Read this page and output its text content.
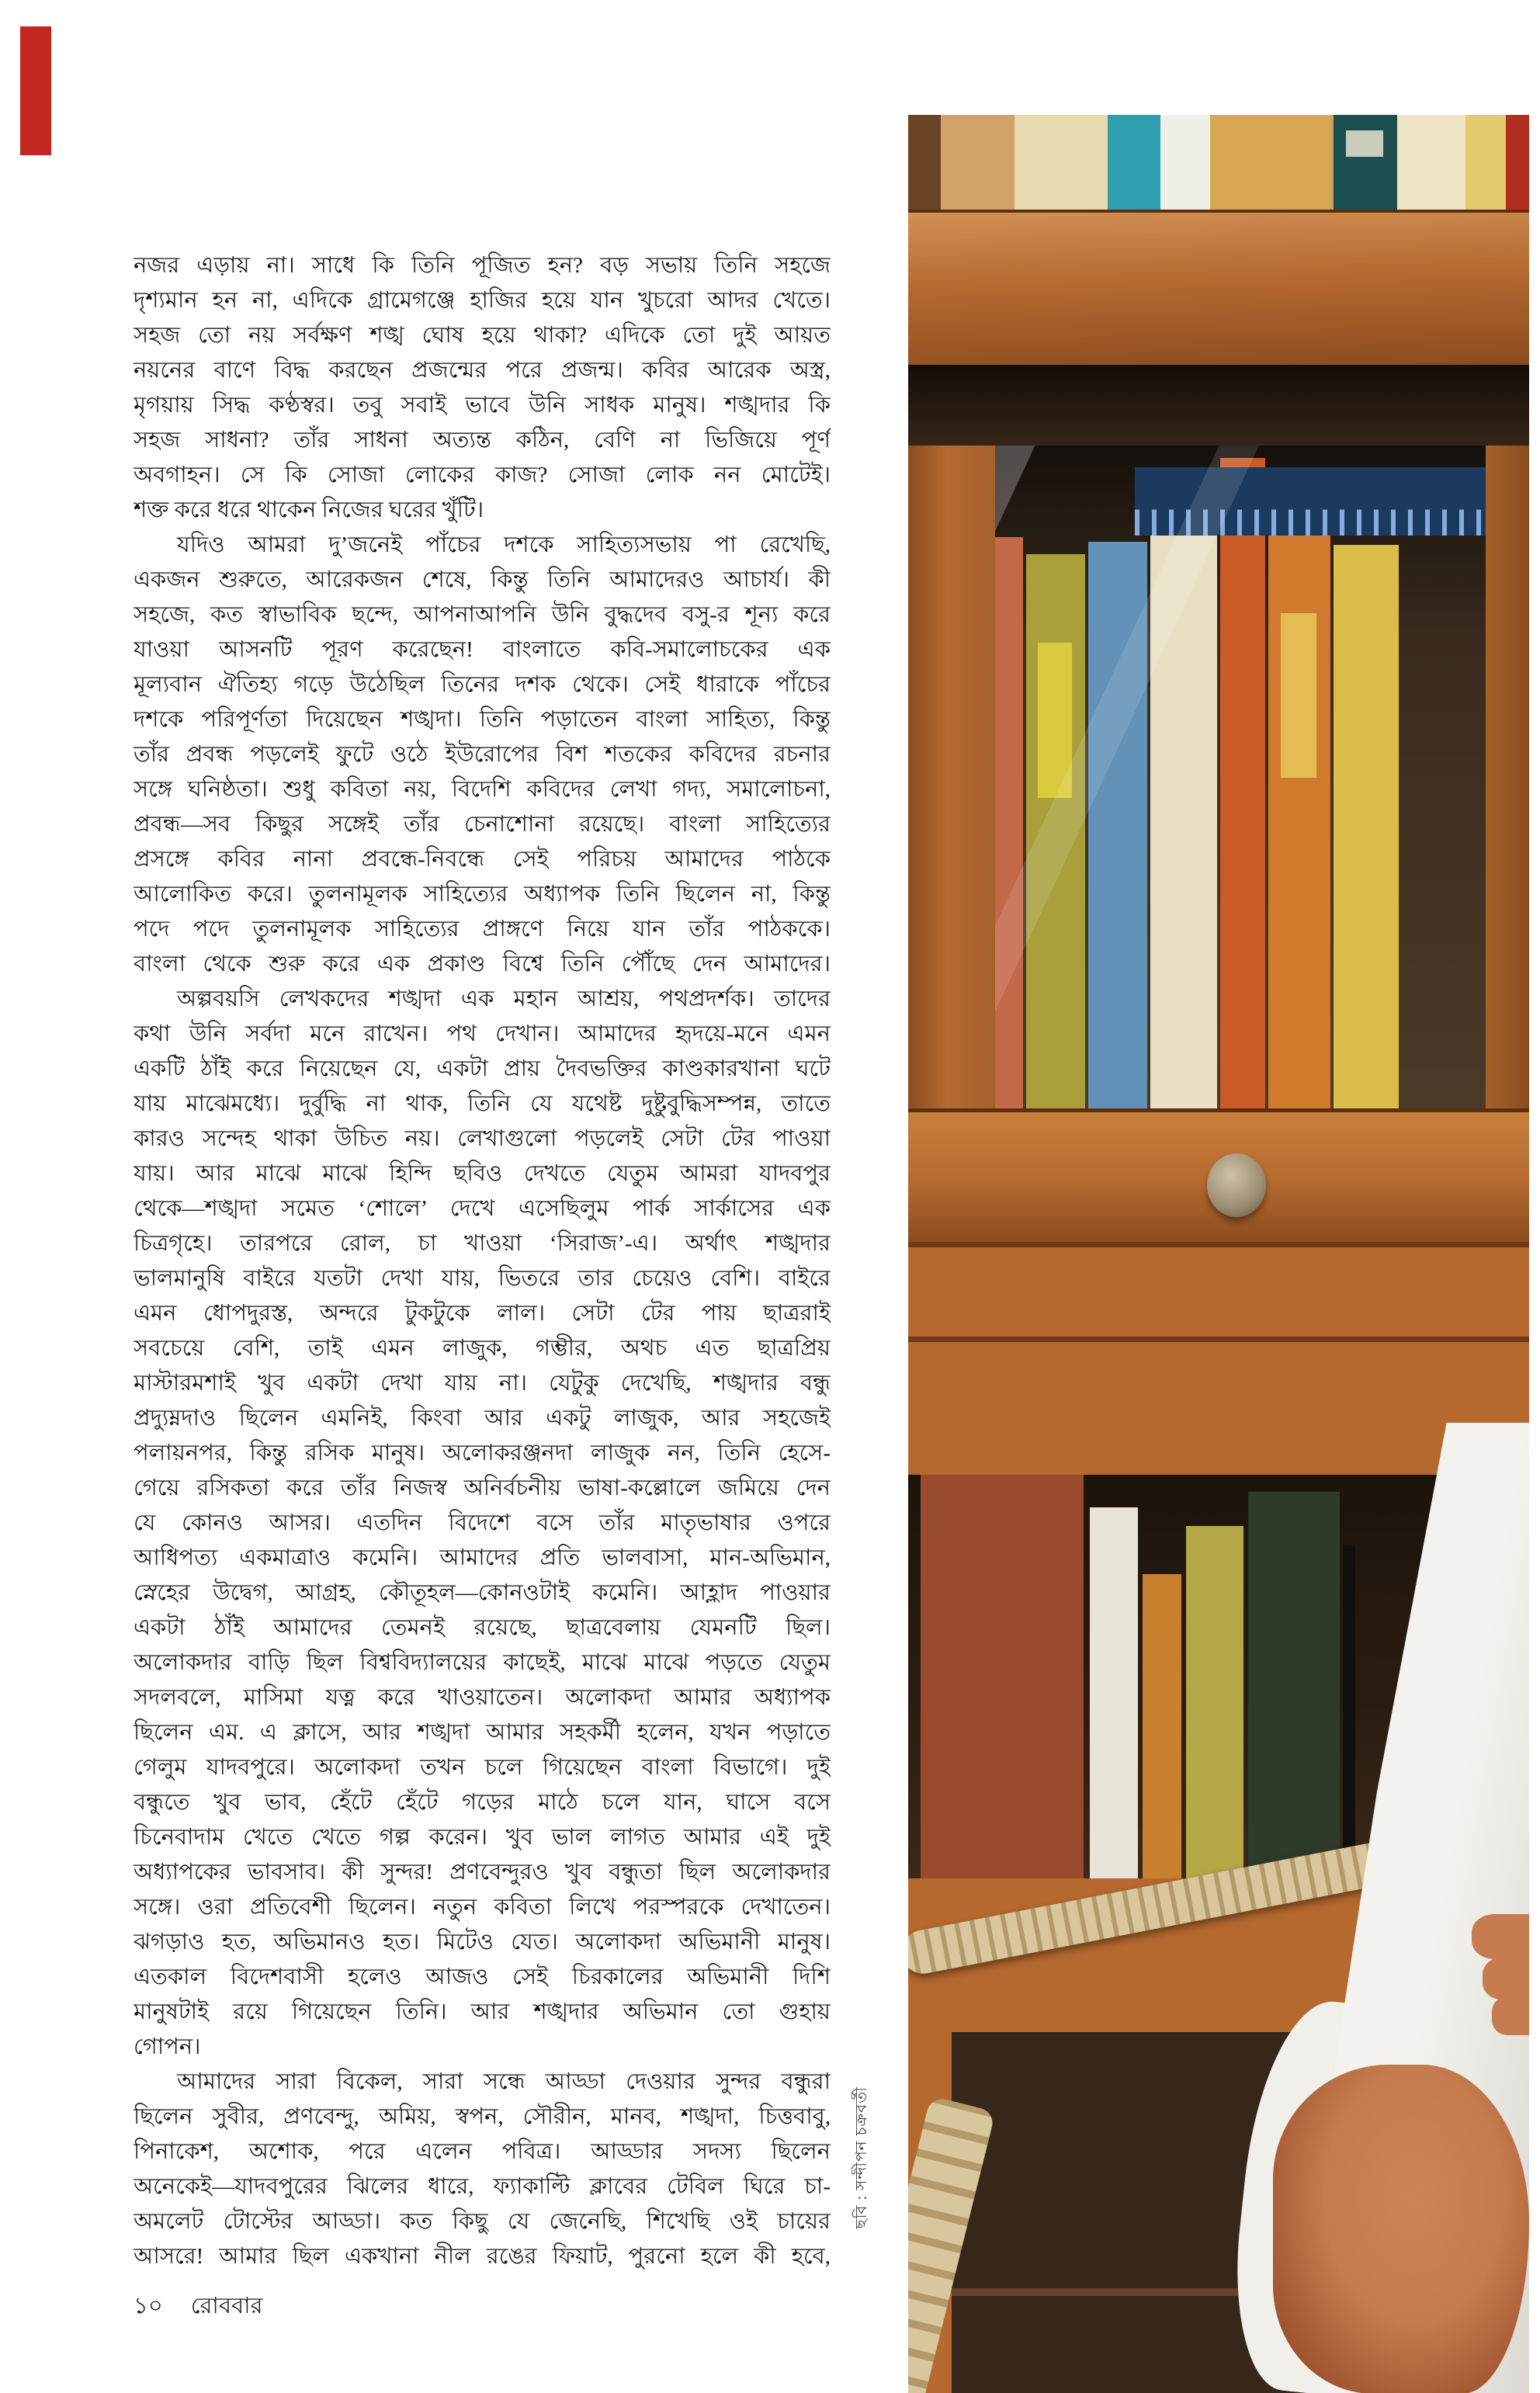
নজর এড়ায় না। সাধে কি তিনি পূজিত হন? বড় সভায় তিনি সহজে
দৃশ্যমান হন না, এদিকে গ্রামেগঞ্জে হাজির হয়ে যান খুচরো আদর খেতে।
সহজ তো নয় সর্বক্ষণ শঙ্খ ঘোষ হয়ে থাকা? এদিকে তো দুই আয়ত
নয়নের বাণে বিদ্ধ করছেন প্রজন্মের পরে প্রজন্ম। কবির আরেক অস্ত্র,
মৃগয়ায় সিদ্ধ কণ্ঠস্বর। তবু সবাই ভাবে উনি সাধক মানুষ। শঙ্খদার কি
সহজ সাধনা? তাঁর সাধনা অত্যন্ত কঠিন, বেণি না ভিজিয়ে পূর্ণ
অবগাহন। সে কি সোজা লোকের কাজ? সোজা লোক নন মোটেই।
শক্ত করে ধরে থাকেন নিজের ঘরের খুঁটি।
যদিও আমরা দু’জনেই পাঁচের দশকে সাহিত্যসভায় পা রেখেছি,
একজন শুরুতে, আরেকজন শেষে, কিন্তু তিনি আমাদেরও আচার্য। কী
সহজে, কত স্বাভাবিক ছন্দে, আপনাআপনি উনি বুদ্ধদেব বসু-র শূন্য করে
যাওয়া আসনটি পূরণ করেছেন! বাংলাতে কবি-সমালোচকের এক
মূল্যবান ঐতিহ্য গড়ে উঠেছিল তিনের দশক থেকে। সেই ধারাকে পাঁচের
দশকে পরিপূর্ণতা দিয়েছেন শঙ্খদা। তিনি পড়াতেন বাংলা সাহিত্য, কিন্তু
তাঁর প্রবন্ধ পড়লেই ফুটে ওঠে ইউরোপের বিশ শতকের কবিদের রচনার
সঙ্গে ঘনিষ্ঠতা। শুধু কবিতা নয়, বিদেশি কবিদের লেখা গদ্য, সমালোচনা,
প্রবন্ধ—সব কিছুর সঙ্গেই তাঁর চেনাশোনা রয়েছে। বাংলা সাহিত্যের
প্রসঙ্গে কবির নানা প্রবন্ধে-নিবন্ধে সেই পরিচয় আমাদের পাঠকে
আলোকিত করে। তুলনামূলক সাহিত্যের অধ্যাপক তিনি ছিলেন না, কিন্তু
পদে পদে তুলনামূলক সাহিত্যের প্রাঙ্গণে নিয়ে যান তাঁর পাঠককে।
বাংলা থেকে শুরু করে এক প্রকাণ্ড বিশ্বে তিনি পৌঁছে দেন আমাদের।
অল্পবয়সি লেখকদের শঙ্খদা এক মহান আশ্রয়, পথপ্রদর্শক। তাদের
কথা উনি সর্বদা মনে রাখেন। পথ দেখান। আমাদের হৃদয়ে-মনে এমন
একটি ঠাঁই করে নিয়েছেন যে, একটা প্রায় দৈবভক্তির কাণ্ডকারখানা ঘটে
যায় মাঝেমধ্যে। দুর্বুদ্ধি না থাক, তিনি যে যথেষ্ট দুষ্টুবুদ্ধিসম্পন্ন, তাতে
কারও সন্দেহ থাকা উচিত নয়। লেখাগুলো পড়লেই সেটা টের পাওয়া
যায়। আর মাঝে মাঝে হিন্দি ছবিও দেখতে যেতুম আমরা যাদবপুর
থেকে—শঙ্খদা সমেত ‘শোলে’ দেখে এসেছিলুম পার্ক সার্কাসের এক
চিত্রগৃহে। তারপরে রোল, চা খাওয়া ‘সিরাজ’-এ। অর্থাৎ শঙ্খদার
ভালমানুষি বাইরে যতটা দেখা যায়, ভিতরে তার চেয়েও বেশি। বাইরে
এমন ধোপদুরস্ত, অন্দরে টুকটুকে লাল। সেটা টের পায় ছাত্ররাই
সবচেয়ে বেশি, তাই এমন লাজুক, গম্ভীর, অথচ এত ছাত্রপ্রিয়
মাস্টারমশাই খুব একটা দেখা যায় না। যেটুকু দেখেছি, শঙ্খদার বন্ধু
প্রদ্যুম্নদাও ছিলেন এমনিই, কিংবা আর একটু লাজুক, আর সহজেই
পলায়নপর, কিন্তু রসিক মানুষ। অলোকরঞ্জনদা লাজুক নন, তিনি হেসে-
গেয়ে রসিকতা করে তাঁর নিজস্ব অনির্বচনীয় ভাষা-কল্লোলে জমিয়ে দেন
যে কোনও আসর। এতদিন বিদেশে বসে তাঁর মাতৃভাষার ওপরে
আধিপত্য একমাত্রাও কমেনি। আমাদের প্রতি ভালবাসা, মান-অভিমান,
স্নেহের উদ্বেগ, আগ্রহ, কৌতূহল—কোনওটাই কমেনি। আহ্লাদ পাওয়ার
একটা ঠাঁই আমাদের তেমনই রয়েছে, ছাত্রবেলায় যেমনটি ছিল।
অলোকদার বাড়ি ছিল বিশ্ববিদ্যালয়ের কাছেই, মাঝে মাঝে পড়তে যেতুম
সদলবলে, মাসিমা যত্ন করে খাওয়াতেন। অলোকদা আমার অধ্যাপক
ছিলেন এম. এ ক্লাসে, আর শঙ্খদা আমার সহকর্মী হলেন, যখন পড়াতে
গেলুম যাদবপুরে। অলোকদা তখন চলে গিয়েছেন বাংলা বিভাগে। দুই
বন্ধুতে খুব ভাব, হেঁটে হেঁটে গড়ের মাঠে চলে যান, ঘাসে বসে
চিনেবাদাম খেতে খেতে গল্প করেন। খুব ভাল লাগত আমার এই দুই
অধ্যাপকের ভাবসাব। কী সুন্দর! প্রণবেন্দুরও খুব বন্ধুতা ছিল অলোকদার
সঙ্গে। ওরা প্রতিবেশী ছিলেন। নতুন কবিতা লিখে পরস্পরকে দেখাতেন।
ঝগড়াও হত, অভিমানও হত। মিটেও যেত। অলোকদা অভিমানী মানুষ।
এতকাল বিদেশবাসী হলেও আজও সেই চিরকালের অভিমানী দিশি
মানুষটাই রয়ে গিয়েছেন তিনি। আর শঙ্খদার অভিমান তো গুহায়
গোপন।
আমাদের সারা বিকেল, সারা সন্ধে আড্ডা দেওয়ার সুন্দর বন্ধুরা
ছিলেন সুবীর, প্রণবেন্দু, অমিয়, স্বপন, সৌরীন, মানব, শঙ্খদা, চিত্তবাবু,
পিনাকেশ, অশোক, পরে এলেন পবিত্র। আড্ডার সদস্য ছিলেন
অনেকেই—যাদবপুরের ঝিলের ধারে, ফ্যাকাল্টি ক্লাবের টেবিল ঘিরে চা-
অমলেট টোস্টের আড্ডা। কত কিছু যে জেনেছি, শিখেছি ওই চায়ের
আসরে! আমার ছিল একখানা নীল রঙের ফিয়াট, পুরনো হলে কী হবে,
ছবি : সন্দীপন চক্রবর্তী
১০ রোববার
